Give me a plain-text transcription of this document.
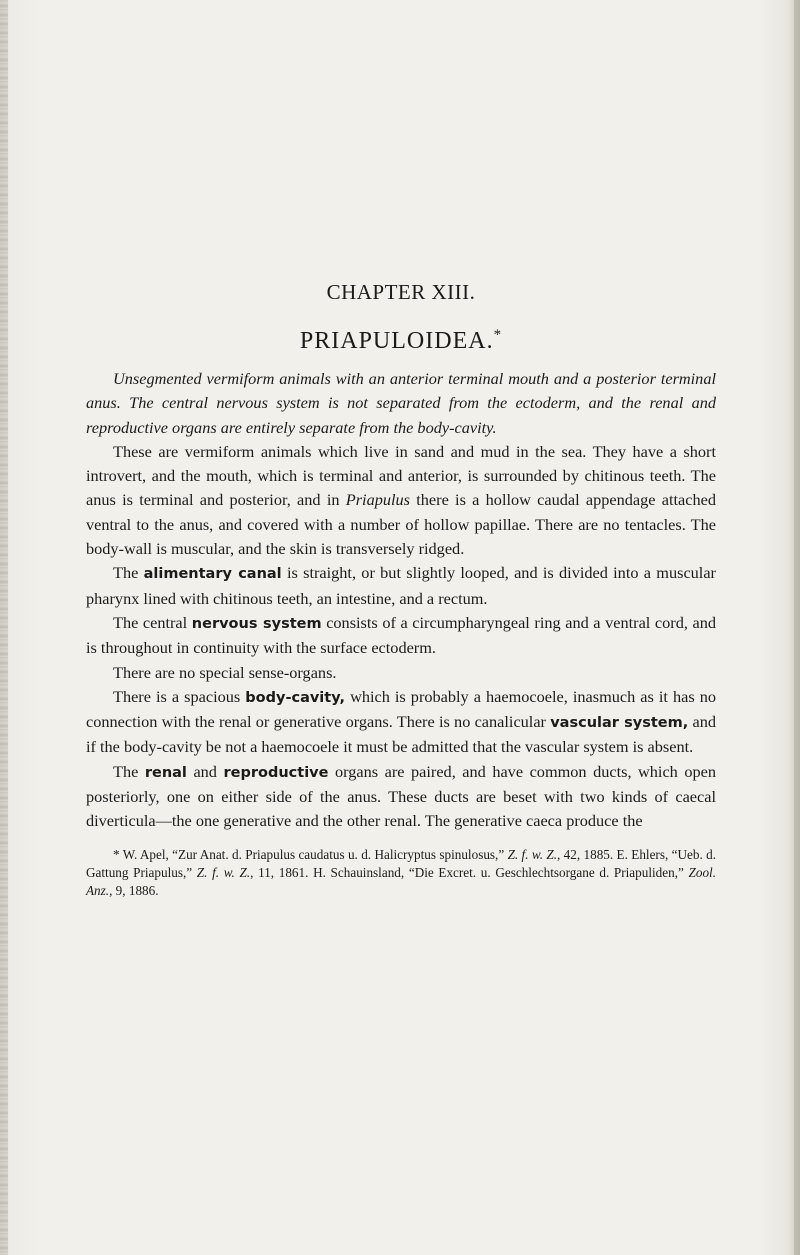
CHAPTER XIII.
PRIAPULOIDEA.*

Unsegmented vermiform animals with an anterior terminal mouth and a posterior terminal anus. The central nervous system is not separated from the ectoderm, and the renal and reproductive organs are entirely separate from the body-cavity.

These are vermiform animals which live in sand and mud in the sea. They have a short introvert, and the mouth, which is terminal and anterior, is surrounded by chitinous teeth. The anus is terminal and posterior, and in Priapulus there is a hollow caudal appendage attached ventral to the anus, and covered with a number of hollow papillae. There are no tentacles. The body-wall is muscular, and the skin is transversely ridged.

The alimentary canal is straight, or but slightly looped, and is divided into a muscular pharynx lined with chitinous teeth, an intestine, and a rectum.

The central nervous system consists of a circumpharyngeal ring and a ventral cord, and is throughout in continuity with the surface ectoderm.

There are no special sense-organs.

There is a spacious body-cavity, which is probably a haemocoele, inasmuch as it has no connection with the renal or generative organs. There is no canalicular vascular system, and if the body-cavity be not a haemocoele it must be admitted that the vascular system is absent.

The renal and reproductive organs are paired, and have common ducts, which open posteriorly, one on either side of the anus. These ducts are beset with two kinds of caecal diverticula—the one generative and the other renal. The generative caeca produce the

* W. Apel, “Zur Anat. d. Priapulus caudatus u. d. Halicryptus spinulosus,” Z. f. w. Z., 42, 1885. E. Ehlers, “Ueb. d. Gattung Priapulus,” Z. f. w. Z., 11, 1861. H. Schauinsland, “Die Excret. u. Geschlechtsorgane d. Priapuliden,” Zool. Anz., 9, 1886.
